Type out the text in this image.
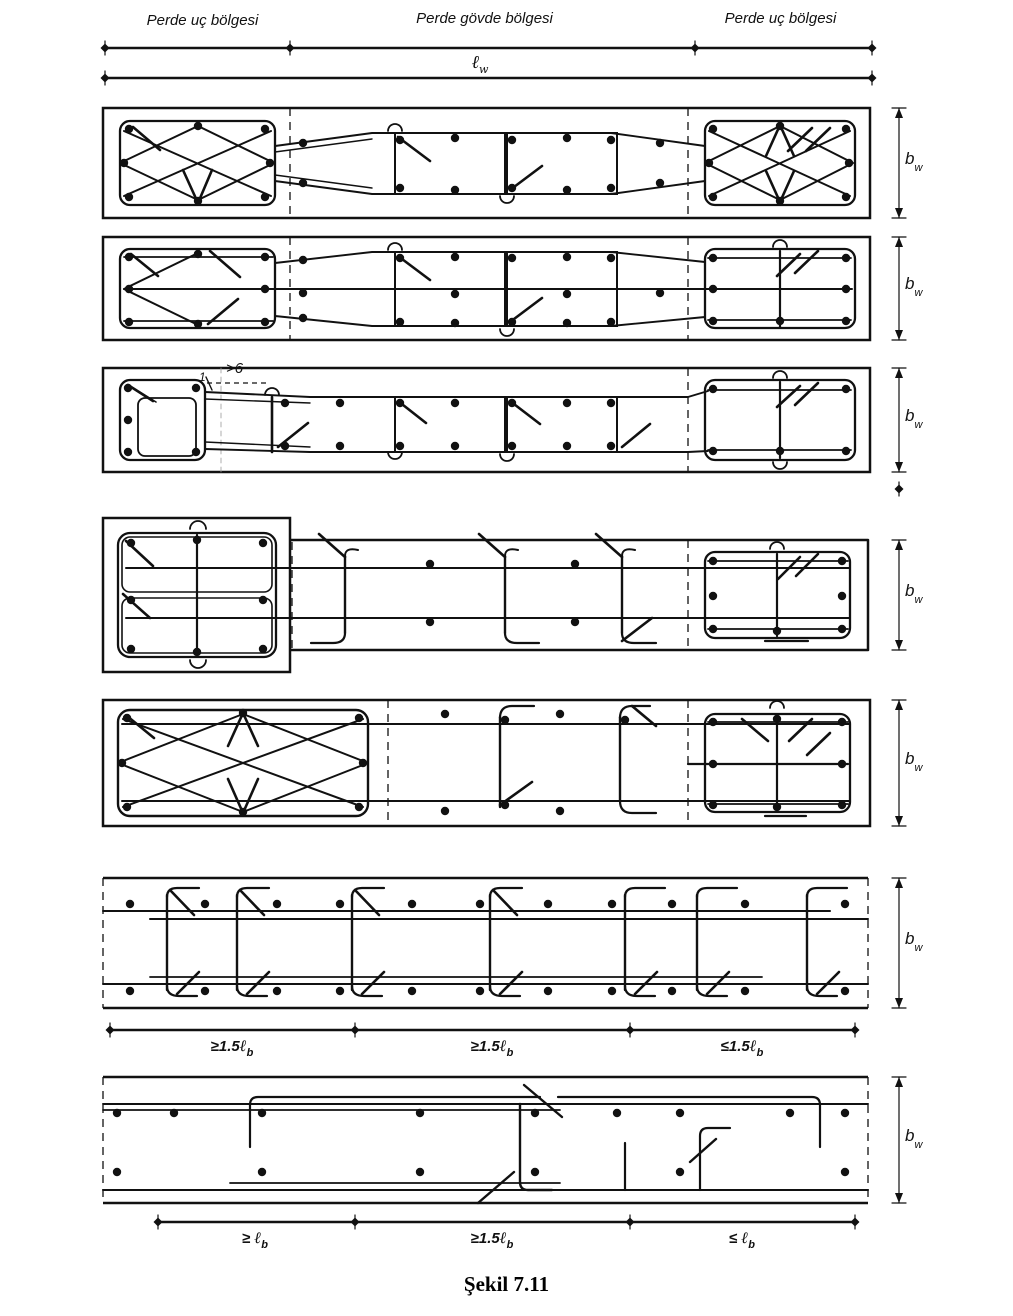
Perde uç bölgesi	Perde gövde bölgesi	Perde uç bölgesi
ℓ$_w$
$b_w$
$b_w$
$b_w$
$b_w$
$b_w$
$b_w$
$b_w$
1 >6
≥1.5ℓ$_b$	≥1.5ℓ$_b$	≤1.5ℓ$_b$
≥ ℓ$_b$	≥1.5ℓ$_b$	≤ ℓ$_b$
Şekil 7.11
